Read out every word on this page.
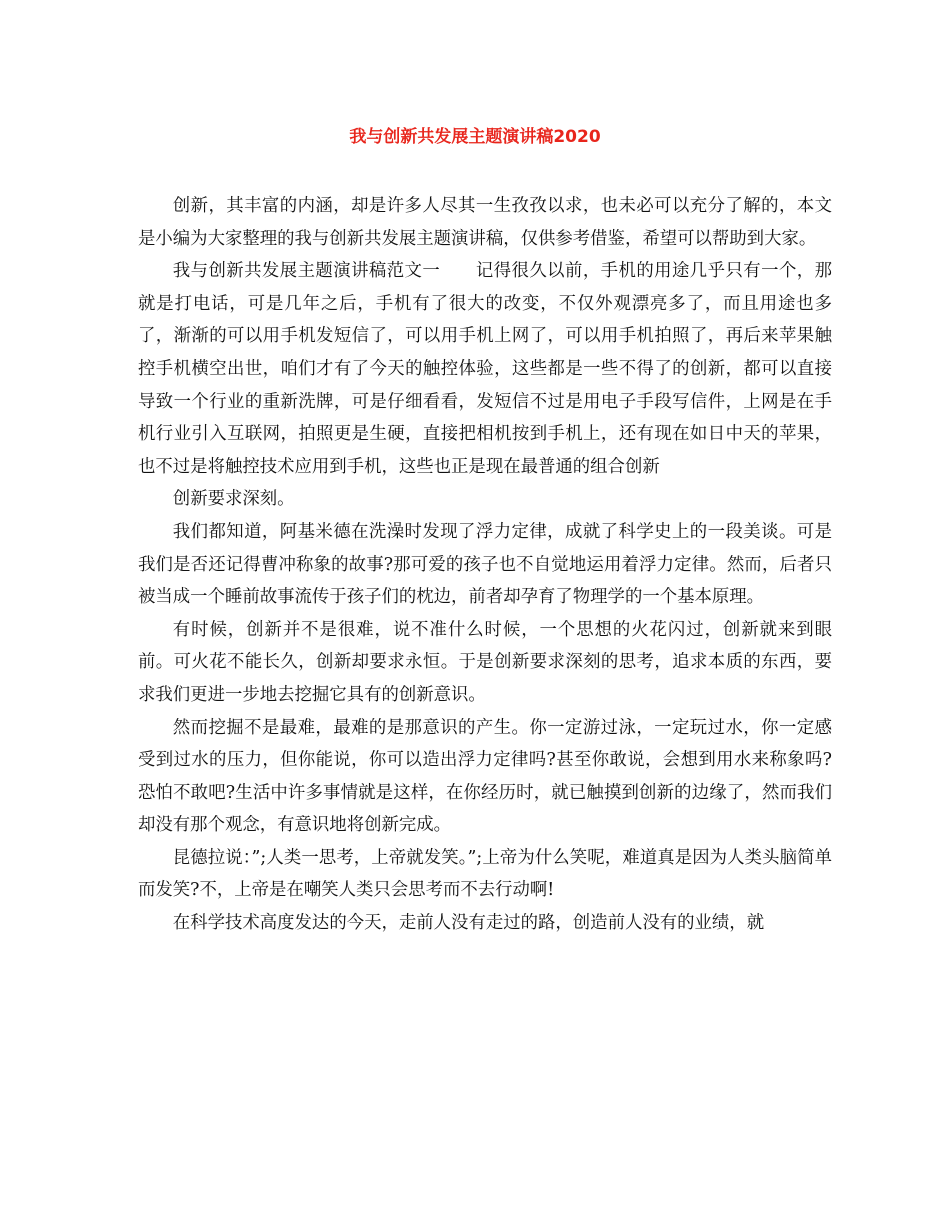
我与创新共发展主题演讲稿2020

创新，其丰富的内涵，却是许多人尽其一生孜孜以求，也未必可以充分了解的，本文是小编为大家整理的我与创新共发展主题演讲稿，仅供参考借鉴，希望可以帮助到大家。

我与创新共发展主题演讲稿范文一　　记得很久以前，手机的用途几乎只有一个，那就是打电话，可是几年之后，手机有了很大的改变，不仅外观漂亮多了，而且用途也多了，渐渐的可以用手机发短信了，可以用手机上网了，可以用手机拍照了，再后来苹果触控手机横空出世，咱们才有了今天的触控体验，这些都是一些不得了的创新，都可以直接导致一个行业的重新洗牌，可是仔细看看，发短信不过是用电子手段写信件，上网是在手机行业引入互联网，拍照更是生硬，直接把相机按到手机上，还有现在如日中天的苹果，也不过是将触控技术应用到手机，这些也正是现在最普通的组合创新

创新要求深刻。

我们都知道，阿基米德在洗澡时发现了浮力定律，成就了科学史上的一段美谈。可是我们是否还记得曹冲称象的故事?那可爱的孩子也不自觉地运用着浮力定律。然而，后者只被当成一个睡前故事流传于孩子们的枕边，前者却孕育了物理学的一个基本原理。

有时候，创新并不是很难，说不准什么时候，一个思想的火花闪过，创新就来到眼前。可火花不能长久，创新却要求永恒。于是创新要求深刻的思考，追求本质的东西，要求我们更进一步地去挖掘它具有的创新意识。

然而挖掘不是最难，最难的是那意识的产生。你一定游过泳，一定玩过水，你一定感受到过水的压力，但你能说，你可以造出浮力定律吗?甚至你敢说，会想到用水来称象吗?恐怕不敢吧?生活中许多事情就是这样，在你经历时，就已触摸到创新的边缘了，然而我们却没有那个观念，有意识地将创新完成。

昆德拉说：”;人类一思考，上帝就发笑。”;上帝为什么笑呢，难道真是因为人类头脑简单而发笑?不，上帝是在嘲笑人类只会思考而不去行动啊!

在科学技术高度发达的今天，走前人没有走过的路，创造前人没有的业绩，就
